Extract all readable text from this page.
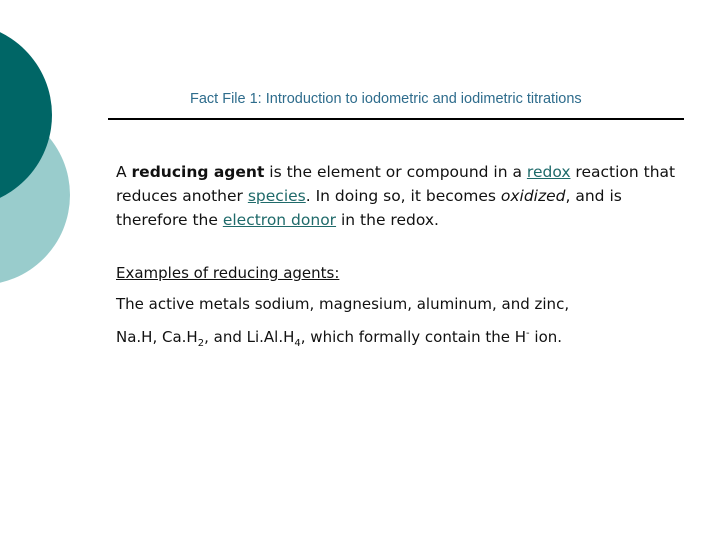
Fact File 1: Introduction to iodometric and iodimetric titrations

A reducing agent is the element or compound in a redox reaction that reduces another species. In doing so, it becomes oxidized, and is therefore the electron donor in the redox.

Examples of reducing agents:
The active metals sodium, magnesium, aluminum, and zinc,
Na.H, $Ca.H_2$, and $Li.Al.H_4$, which formally contain the H- ion.
